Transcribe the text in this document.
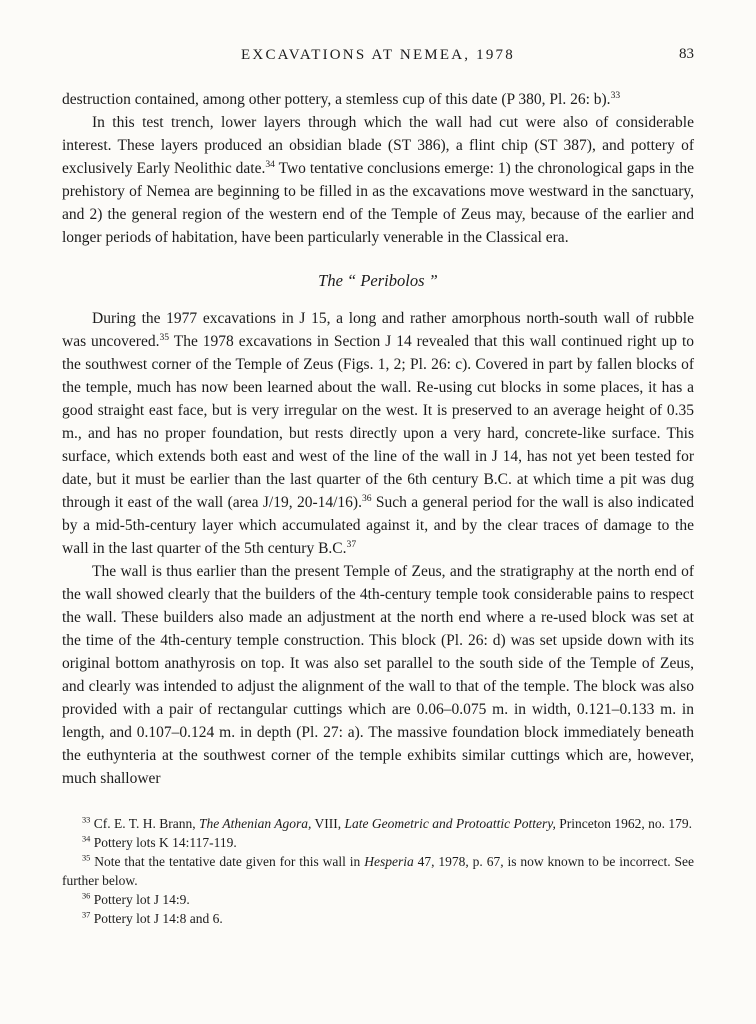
EXCAVATIONS AT NEMEA, 1978	83

destruction contained, among other pottery, a stemless cup of this date (P 380, Pl. 26: b).$^{33}$

In this test trench, lower layers through which the wall had cut were also of considerable interest. These layers produced an obsidian blade (ST 386), a flint chip (ST 387), and pottery of exclusively Early Neolithic date.$^{34}$ Two tentative conclusions emerge: 1) the chronological gaps in the prehistory of Nemea are beginning to be filled in as the excavations move westward in the sanctuary, and 2) the general region of the western end of the Temple of Zeus may, because of the earlier and longer periods of habitation, have been particularly venerable in the Classical era.

The “ Peribolos ”

During the 1977 excavations in J 15, a long and rather amorphous north-south wall of rubble was uncovered.$^{35}$ The 1978 excavations in Section J 14 revealed that this wall continued right up to the southwest corner of the Temple of Zeus (Figs. 1, 2; Pl. 26: c). Covered in part by fallen blocks of the temple, much has now been learned about the wall. Re-using cut blocks in some places, it has a good straight east face, but is very irregular on the west. It is preserved to an average height of 0.35 m., and has no proper foundation, but rests directly upon a very hard, concrete-like surface. This surface, which extends both east and west of the line of the wall in J 14, has not yet been tested for date, but it must be earlier than the last quarter of the 6th century B.C. at which time a pit was dug through it east of the wall (area J/19, 20-14/16).$^{36}$ Such a general period for the wall is also indicated by a mid-5th-century layer which accumulated against it, and by the clear traces of damage to the wall in the last quarter of the 5th century B.C.$^{37}$

The wall is thus earlier than the present Temple of Zeus, and the stratigraphy at the north end of the wall showed clearly that the builders of the 4th-century temple took considerable pains to respect the wall. These builders also made an adjustment at the north end where a re-used block was set at the time of the 4th-century temple construction. This block (Pl. 26: d) was set upside down with its original bottom anathyrosis on top. It was also set parallel to the south side of the Temple of Zeus, and clearly was intended to adjust the alignment of the wall to that of the temple. The block was also provided with a pair of rectangular cuttings which are 0.06–0.075 m. in width, 0.121–0.133 m. in length, and 0.107–0.124 m. in depth (Pl. 27: a). The massive foundation block immediately beneath the euthynteria at the southwest corner of the temple exhibits similar cuttings which are, however, much shallower

$^{33}$ Cf. E. T. H. Brann, The Athenian Agora, VIII, Late Geometric and Protoattic Pottery, Princeton 1962, no. 179.

$^{34}$ Pottery lots K 14:117-119.

$^{35}$ Note that the tentative date given for this wall in Hesperia 47, 1978, p. 67, is now known to be incorrect. See further below.

$^{36}$ Pottery lot J 14:9.

$^{37}$ Pottery lot J 14:8 and 6.
